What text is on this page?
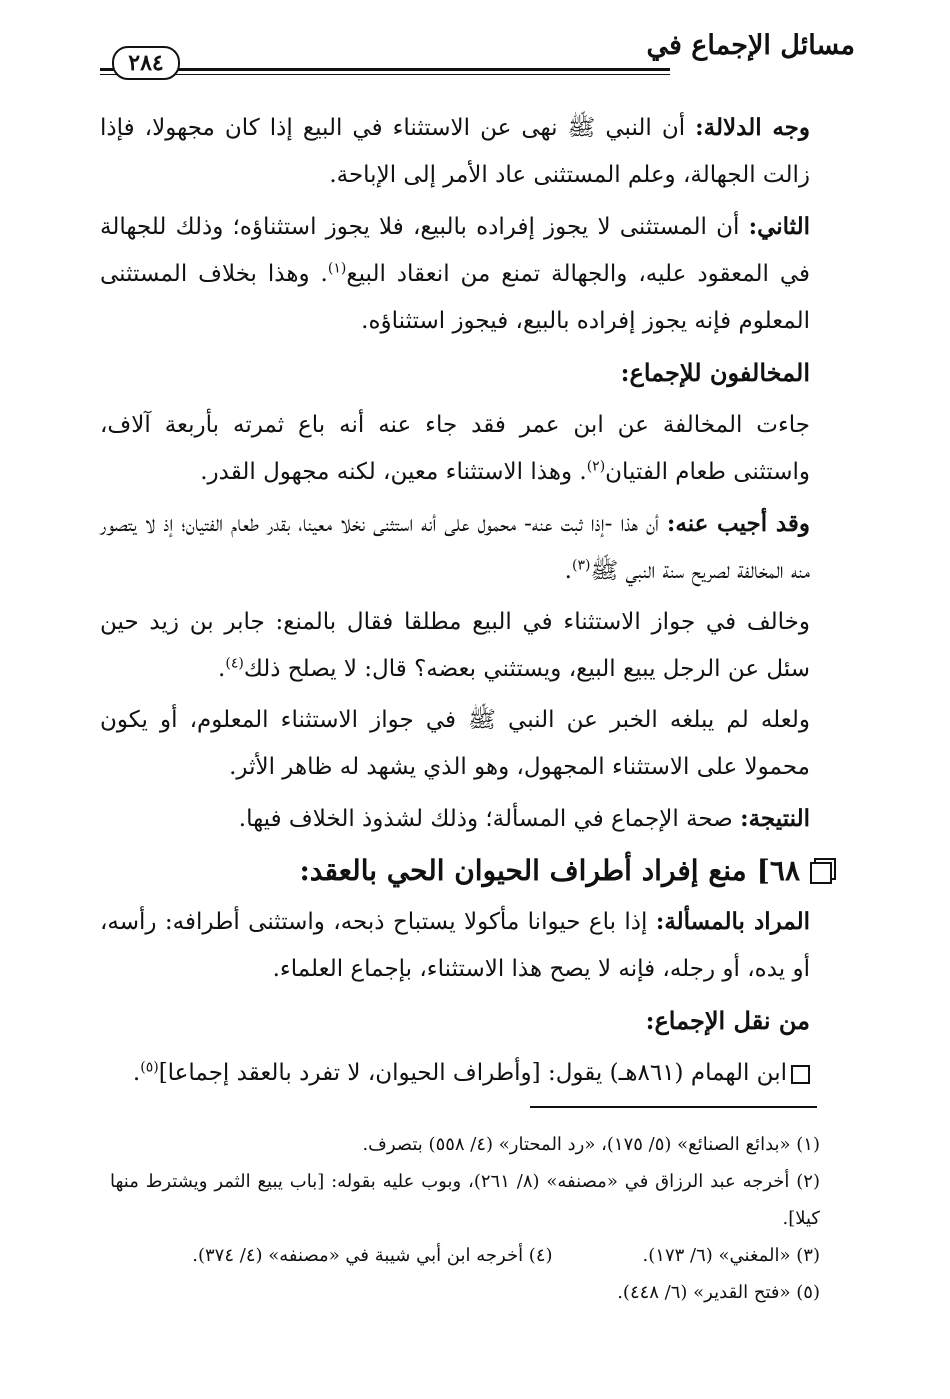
مسائل الإجماع في
٢٨٤

وجه الدلالة: أن النبي ﷺ نهى عن الاستثناء في البيع إذا كان مجهولا، فإذا زالت الجهالة، وعلم المستثنى عاد الأمر إلى الإباحة.

الثاني: أن المستثنى لا يجوز إفراده بالبيع، فلا يجوز استثناؤه؛ وذلك للجهالة في المعقود عليه، والجهالة تمنع من انعقاد البيع$^{(١)}$. وهذا بخلاف المستثنى المعلوم فإنه يجوز إفراده بالبيع، فيجوز استثناؤه.

المخالفون للإجماع:

جاءت المخالفة عن ابن عمر فقد جاء عنه أنه باع ثمرته بأربعة آلاف، واستثنى طعام الفتيان$^{(٢)}$. وهذا الاستثناء معين، لكنه مجهول القدر.

وقد أجيب عنه: أن هذا -إذا ثبت عنه- محمول على أنه استثنى نخلا معينا، بقدر طعام الفتيان؛ إذ لا يتصور منه المخالفة لصريح سنة النبي ﷺ$^{(٣)}$.

وخالف في جواز الاستثناء في البيع مطلقا فقال بالمنع: جابر بن زيد حين سئل عن الرجل يبيع البيع، ويستثني بعضه؟ قال: لا يصلح ذلك$^{(٤)}$.

ولعله لم يبلغه الخبر عن النبي ﷺ في جواز الاستثناء المعلوم، أو يكون محمولا على الاستثناء المجهول، وهو الذي يشهد له ظاهر الأثر.

النتيجة: صحة الإجماع في المسألة؛ وذلك لشذوذ الخلاف فيها.

٦٨]
منع إفراد أطراف الحيوان الحي بالعقد:

المراد بالمسألة: إذا باع حيوانا مأكولا يستباح ذبحه، واستثنى أطرافه: رأسه، أو يده، أو رجله، فإنه لا يصح هذا الاستثناء، بإجماع العلماء.

من نقل الإجماع:

ابن الهمام (٨٦١هـ) يقول: [وأطراف الحيوان، لا تفرد بالعقد إجماعا]$^{(٥)}$.

(١) «بدائع الصنائع» (٥/ ١٧٥)، «رد المحتار» (٤/ ٥٥٨) بتصرف.
(٢) أخرجه عبد الرزاق في «مصنفه» (٨/ ٢٦١)، وبوب عليه بقوله: [باب يبيع الثمر ويشترط منها كيلا].
(٣) «المغني» (٦/ ١٧٣).
(٤) أخرجه ابن أبي شيبة في «مصنفه» (٤/ ٣٧٤).
(٥) «فتح القدير» (٦/ ٤٤٨).
